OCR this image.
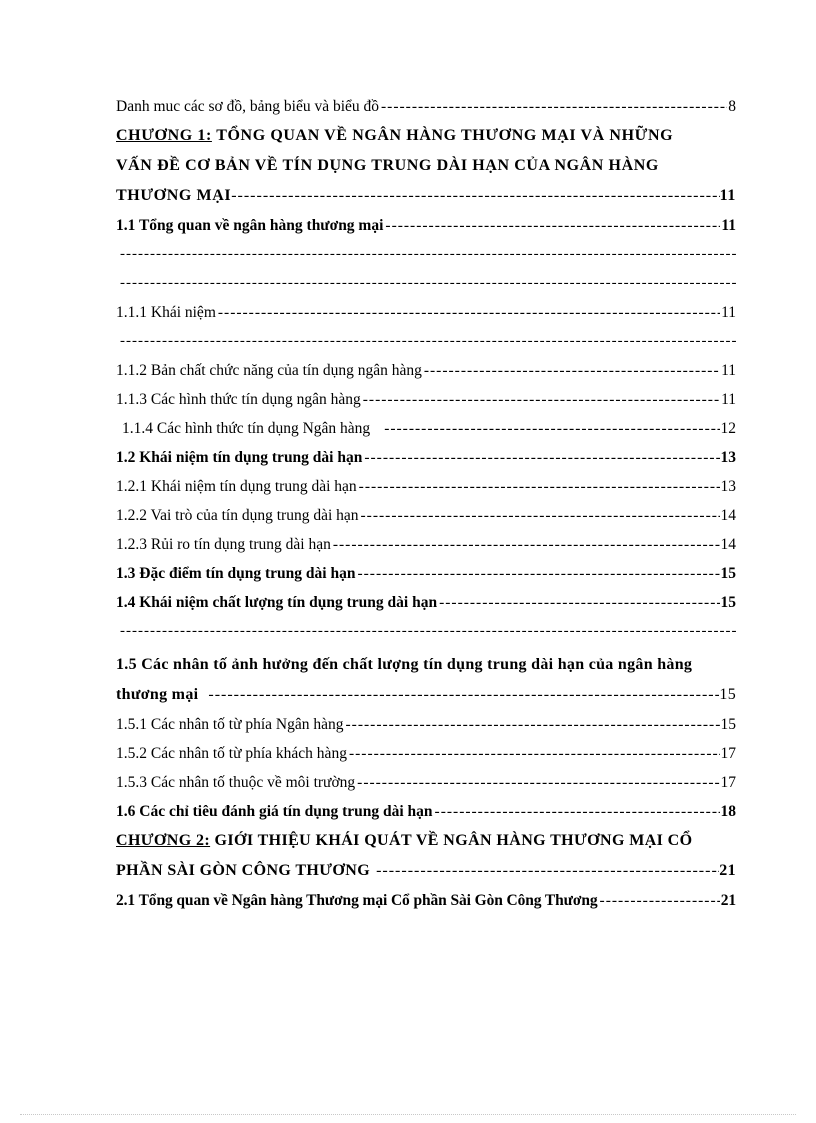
Danh muc các sơ đồ, bảng biểu và biểu đồ -----	8
CHƯƠNG 1: TỔNG QUAN VỀ NGÂN HÀNG THƯƠNG MẠI VÀ NHỮNG
VẤN ĐỀ CƠ BẢN VỀ TÍN DỤNG TRUNG DÀI HẠN CỦA NGÂN HÀNG
THƯƠNG MẠI -----	11
1.1 Tổng quan về ngân hàng thương mại -----	11
-----
-----
1.1.1 Khái niệm -----	11
-----
1.1.2 Bản chất chức năng của tín dụng ngân hàng -----	11
1.1.3 Các hình thức tín dụng ngân hàng -----	11
1.1.4 Các hình thức tín dụng Ngân hàng -----	12
1.2 Khái niệm tín dụng trung dài hạn -----	13
1.2.1 Khái niệm tín dụng trung dài hạn -----	13
1.2.2 Vai trò của tín dụng trung dài hạn -----	14
1.2.3 Rủi ro tín dụng trung dài hạn -----	14
1.3 Đặc điểm tín dụng trung dài hạn -----	15
1.4 Khái niệm chất lượng tín dụng trung dài hạn -----	15
-----
1.5 Các nhân tố ảnh hưởng đến chất lượng tín dụng trung dài hạn của ngân hàng
thương mại -----	15
1.5.1 Các nhân tố từ phía Ngân hàng -----	15
1.5.2 Các nhân tố từ phía khách hàng -----	17
1.5.3 Các nhân tố thuộc về môi trường -----	17
1.6 Các chỉ tiêu đánh giá tín dụng trung dài hạn -----	18
CHƯƠNG 2: GIỚI THIỆU KHÁI QUÁT VỀ NGÂN HÀNG THƯƠNG MẠI CỔ
PHẦN SÀI GÒN CÔNG THƯƠNG -----	21
2.1 Tổng quan về Ngân hàng Thương mại Cổ phần Sài Gòn Công Thương -----	21
